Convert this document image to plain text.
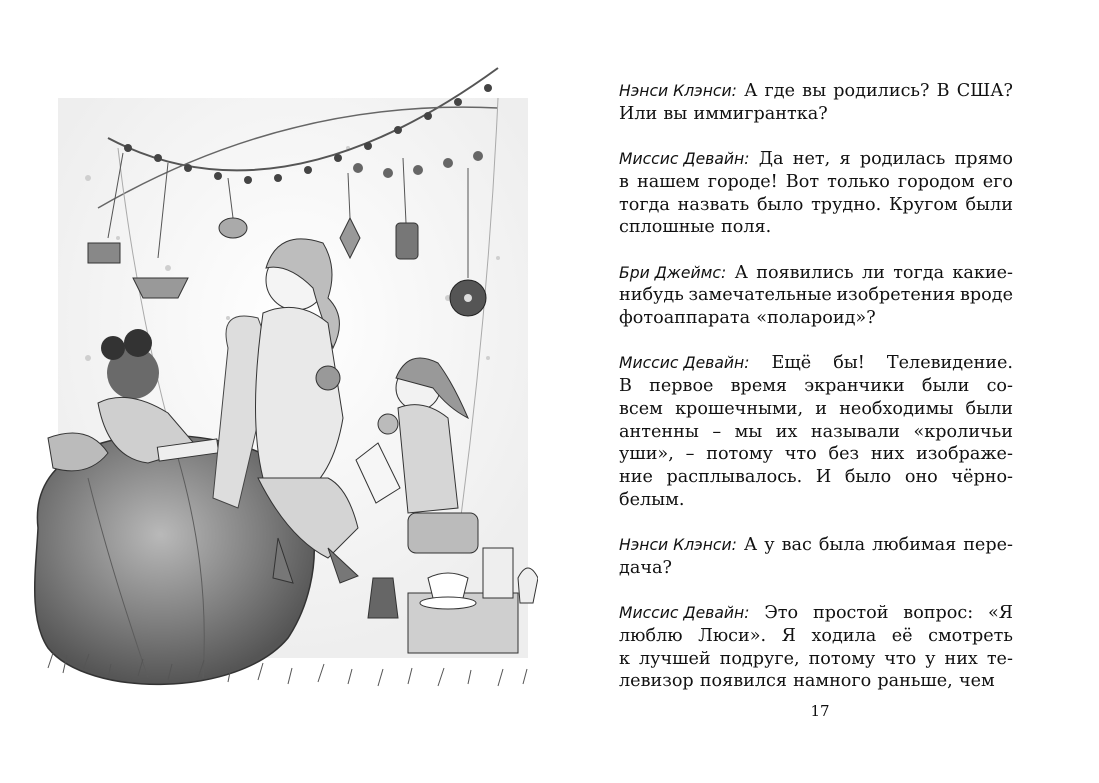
Нэнси Клэнси: А где вы родились? В США?
Или вы иммигрантка?
Миссис Девайн: Да нет, я родилась прямо
в нашем городе! Вот только городом его
тогда назвать было трудно. Кругом были
сплошные поля.
Бри Джеймс: А появились ли тогда какие-
нибудь замечательные изобретения вроде
фотоаппарата «полароид»?
Миссис Девайн: Ещё бы! Телевидение.
В первое время экранчики были со-
всем крошечными, и необходимы были
антенны – мы их называли «кроличьи
уши», – потому что без них изображе-
ние расплывалось. И было оно чёрно-
белым.
Нэнси Клэнси: А у вас была любимая пере-
дача?
Миссис Девайн: Это простой вопрос: «Я
люблю Люси». Я ходила её смотреть
к лучшей подруге, потому что у них те-
левизор появился намного раньше, чем
17
